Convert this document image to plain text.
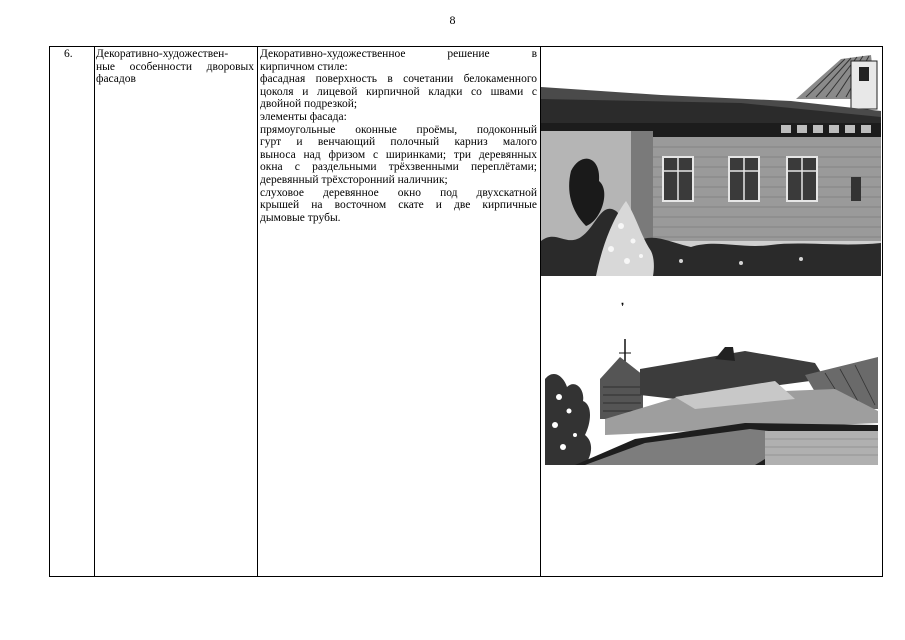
8
6. Декоративно-художествен-
ные особенности дворовых
фасадов
Декоративно-художественное решение в
кирпичном стиле:
фасадная поверхность в сочетании белокаменного
цоколя и лицевой кирпичной кладки со швами с
двойной подрезкой;
элементы фасада:
прямоугольные оконные проёмы, подоконный
гурт и венчающий полочный карниз малого
выноса над фризом с ширинками; три деревянных
окна с раздельными трёхзвенными переплётами;
деревянный трёхсторонний наличник;
слуховое деревянное окно под двухскатной
крышей на восточном скате и две кирпичные
дымовые трубы.
❜
